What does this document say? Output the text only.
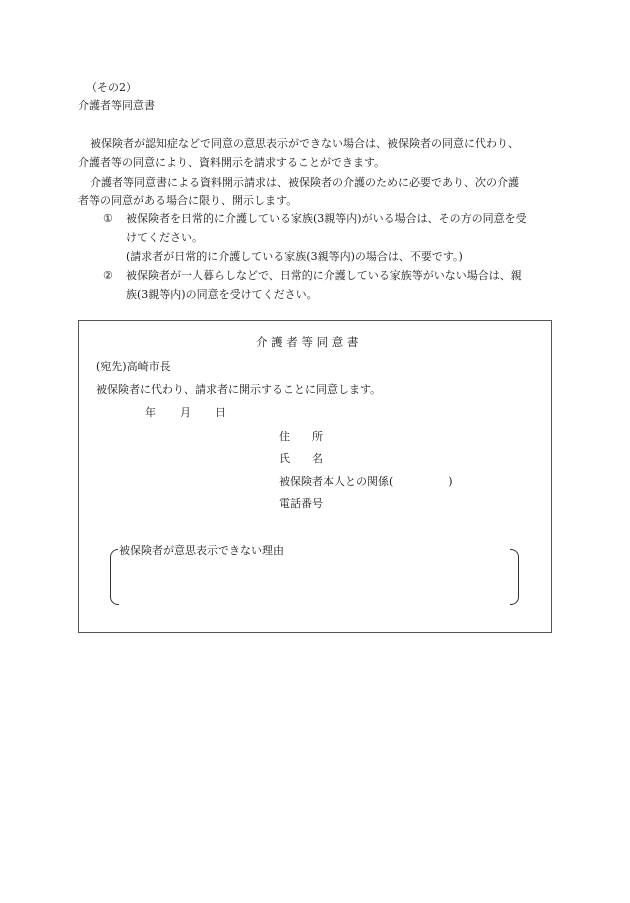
（その2）
介護者等同意書
被保険者が認知症などで同意の意思表示ができない場合は、被保険者の同意に代わり、
介護者等の同意により、資料開示を請求することができます。
介護者等同意書による資料開示請求は、被保険者の介護のために必要であり、次の介護
者等の同意がある場合に限り、開示します。
① 被保険者を日常的に介護している家族(3親等内)がいる場合は、その方の同意を受
けてください。
(請求者が日常的に介護している家族(3親等内)の場合は、不要です。)
② 被保険者が一人暮らしなどで、日常的に介護している家族等がいない場合は、親
族(3親等内)の同意を受けてください。
介 護 者 等 同 意 書
(宛先)高崎市長
被保険者に代わり、請求者に開示することに同意します。
年 月 日
住　　所
氏　　名
被保険者本人との関係(　　　　　)
電話番号
被保険者が意思表示できない理由
